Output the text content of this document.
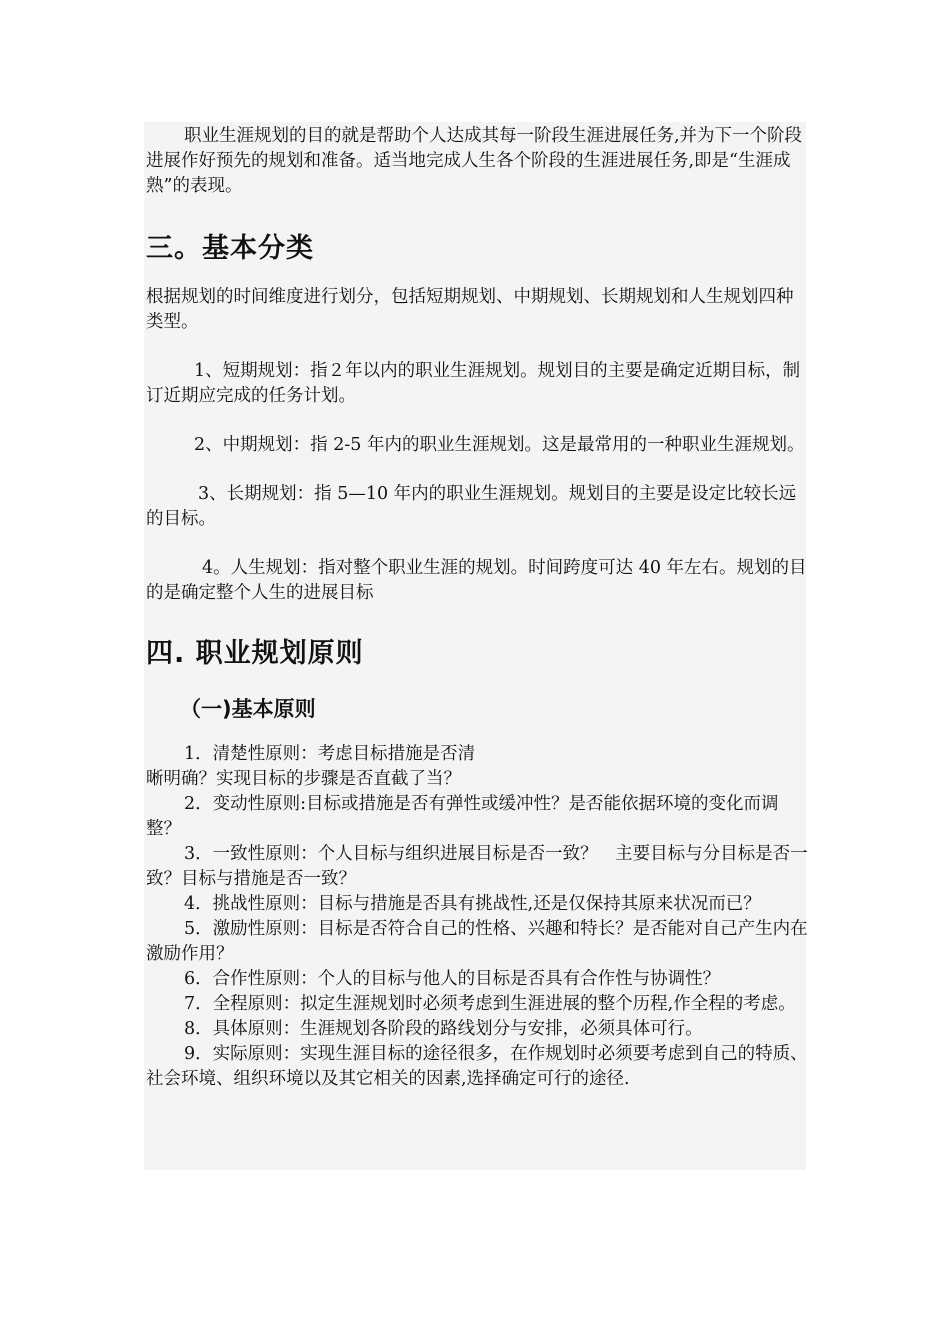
职业生涯规划的目的就是帮助个人达成其每一阶段生涯进展任务,并为下一个阶段进展作好预先的规划和准备。适当地完成人生各个阶段的生涯进展任务,即是“生涯成熟”的表现。

三。基本分类

根据规划的时间维度进行划分，包括短期规划、中期规划、长期规划和人生规划四种类型。

1、短期规划：指２年以内的职业生涯规划。规划目的主要是确定近期目标，制订近期应完成的任务计划。

2、中期规划：指 2-5 年内的职业生涯规划。这是最常用的一种职业生涯规划。

3、长期规划：指 5—10 年内的职业生涯规划。规划目的主要是设定比较长远的目标。

4。人生规划：指对整个职业生涯的规划。时间跨度可达 40 年左右。规划的目的是确定整个人生的进展目标

四. 职业规划原则
（一)基本原则

1．清楚性原则：考虑目标措施是否清

晰明确？实现目标的步骤是否直截了当？

2．变动性原则:目标或措施是否有弹性或缓冲性？是否能依据环境的变化而调整？

3．一致性原则：个人目标与组织进展目标是否一致？　主要目标与分目标是否一致？目标与措施是否一致？

4．挑战性原则：目标与措施是否具有挑战性,还是仅保持其原来状况而已？

5．激励性原则：目标是否符合自己的性格、兴趣和特长？是否能对自己产生内在激励作用？

6．合作性原则：个人的目标与他人的目标是否具有合作性与协调性？

7．全程原则：拟定生涯规划时必须考虑到生涯进展的整个历程,作全程的考虑。

8．具体原则：生涯规划各阶段的路线划分与安排，必须具体可行。

9．实际原则：实现生涯目标的途径很多，在作规划时必须要考虑到自己的特质、社会环境、组织环境以及其它相关的因素,选择确定可行的途径.
